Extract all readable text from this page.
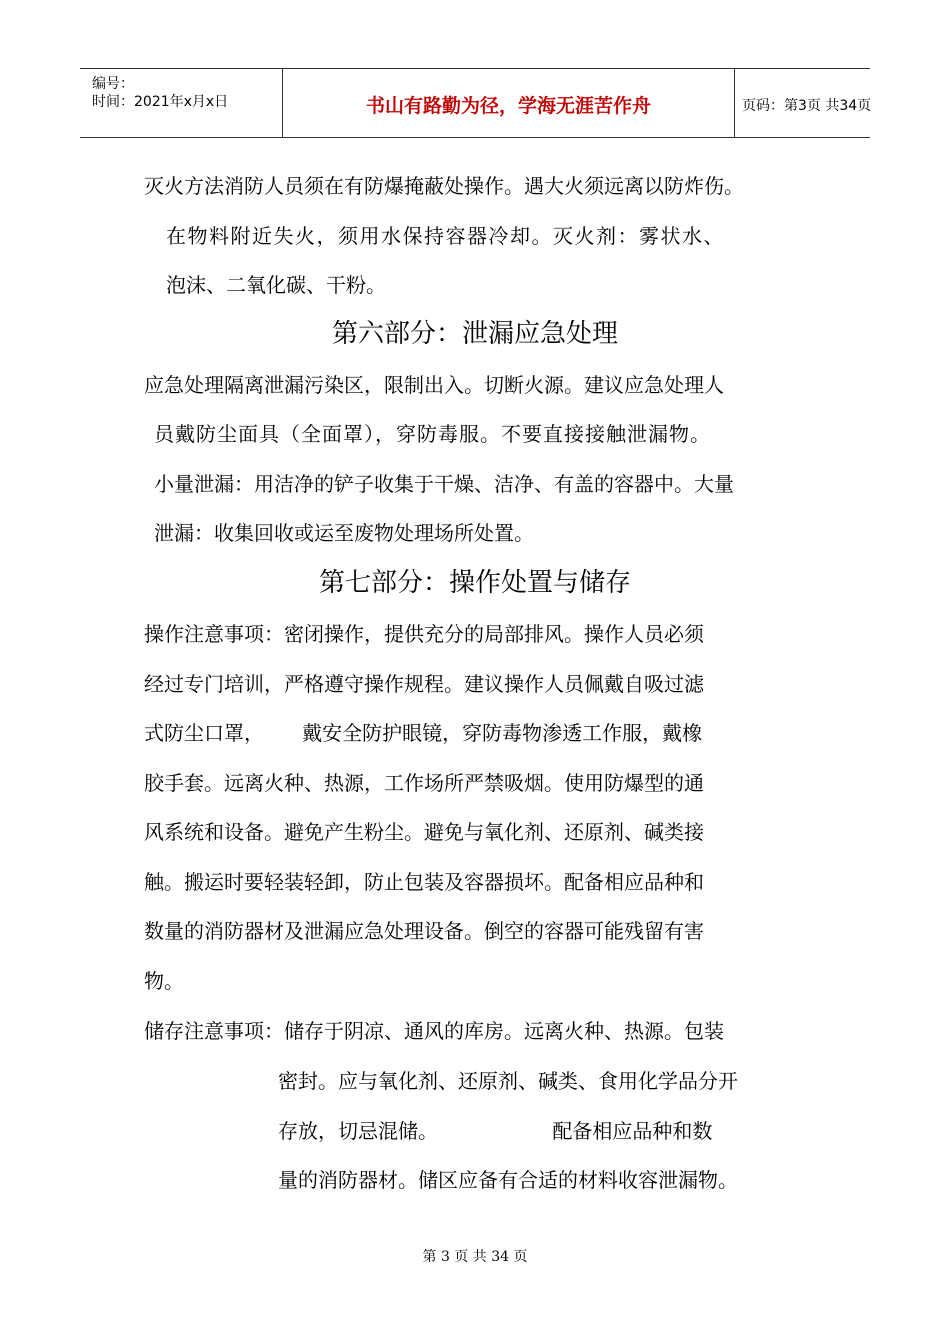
编号：
时间：2021年x月x日	书山有路勤为径，学海无涯苦作舟	页码：第3页 共34页
灭火方法消防人员须在有防爆掩蔽处操作。遇大火须远离以防炸伤。
在物料附近失火，须用水保持容器冷却。灭火剂：雾状水、
泡沫、二氧化碳、干粉。
第六部分：泄漏应急处理
应急处理隔离泄漏污染区，限制出入。切断火源。建议应急处理人
员戴防尘面具（全面罩），穿防毒服。不要直接接触泄漏物。
小量泄漏：用洁净的铲子收集于干燥、洁净、有盖的容器中。大量
泄漏：收集回收或运至废物处理场所处置。
第七部分：操作处置与储存
操作注意事项：密闭操作，提供充分的局部排风。操作人员必须
经过专门培训，严格遵守操作规程。建议操作人员佩戴自吸过滤
式防尘口罩，      戴安全防护眼镜，穿防毒物渗透工作服，戴橡
胶手套。远离火种、热源，工作场所严禁吸烟。使用防爆型的通
风系统和设备。避免产生粉尘。避免与氧化剂、还原剂、碱类接
触。搬运时要轻装轻卸，防止包装及容器损坏。配备相应品种和
数量的消防器材及泄漏应急处理设备。倒空的容器可能残留有害
物。
储存注意事项：储存于阴凉、通风的库房。远离火种、热源。包装
密封。应与氧化剂、还原剂、碱类、食用化学品分开
存放，切忌混储。                  配备相应品种和数
量的消防器材。储区应备有合适的材料收容泄漏物。
第 3 页 共 34 页
